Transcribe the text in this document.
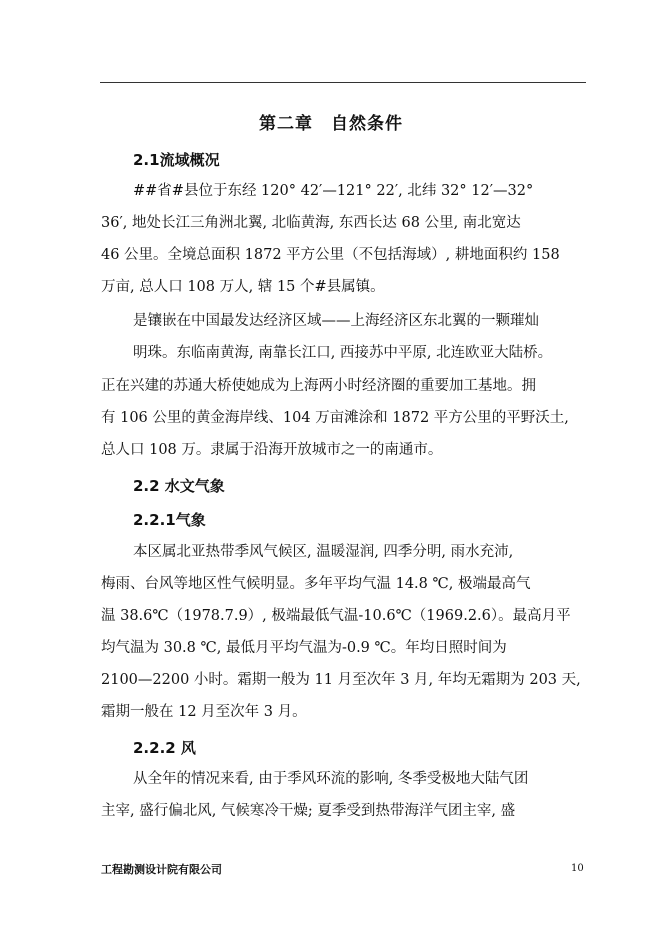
第二章　自然条件
2.1流域概况
##省#县位于东经 120° 42′—121° 22′, 北纬 32° 12′—32°
36′, 地处长江三角洲北翼, 北临黄海, 东西长达 68 公里, 南北宽达
46 公里。全境总面积 1872 平方公里（不包括海域）, 耕地面积约 158
万亩, 总人口 108 万人, 辖 15 个#县属镇。
是镶嵌在中国最发达经济区域——上海经济区东北翼的一颗璀灿
明珠。东临南黄海, 南靠长江口, 西接苏中平原, 北连欧亚大陆桥。
正在兴建的苏通大桥使她成为上海两小时经济圈的重要加工基地。拥
有 106 公里的黄金海岸线、104 万亩滩涂和 1872 平方公里的平野沃土,
总人口 108 万。隶属于沿海开放城市之一的南通市。
2.2 水文气象
2.2.1气象
本区属北亚热带季风气候区, 温暖湿润, 四季分明, 雨水充沛,
梅雨、台风等地区性气候明显。多年平均气温 14.8 ℃, 极端最高气
温 38.6℃（1978.7.9）, 极端最低气温-10.6℃（1969.2.6）。最高月平
均气温为 30.8 ℃, 最低月平均气温为-0.9 ℃。年均日照时间为
2100—2200 小时。霜期一般为 11 月至次年 3 月, 年均无霜期为 203 天,
霜期一般在 12 月至次年 3 月。
2.2.2 风
从全年的情况来看, 由于季风环流的影响, 冬季受极地大陆气团
主宰, 盛行偏北风, 气候寒冷干燥; 夏季受到热带海洋气团主宰, 盛
工程勘测设计院有限公司	10
